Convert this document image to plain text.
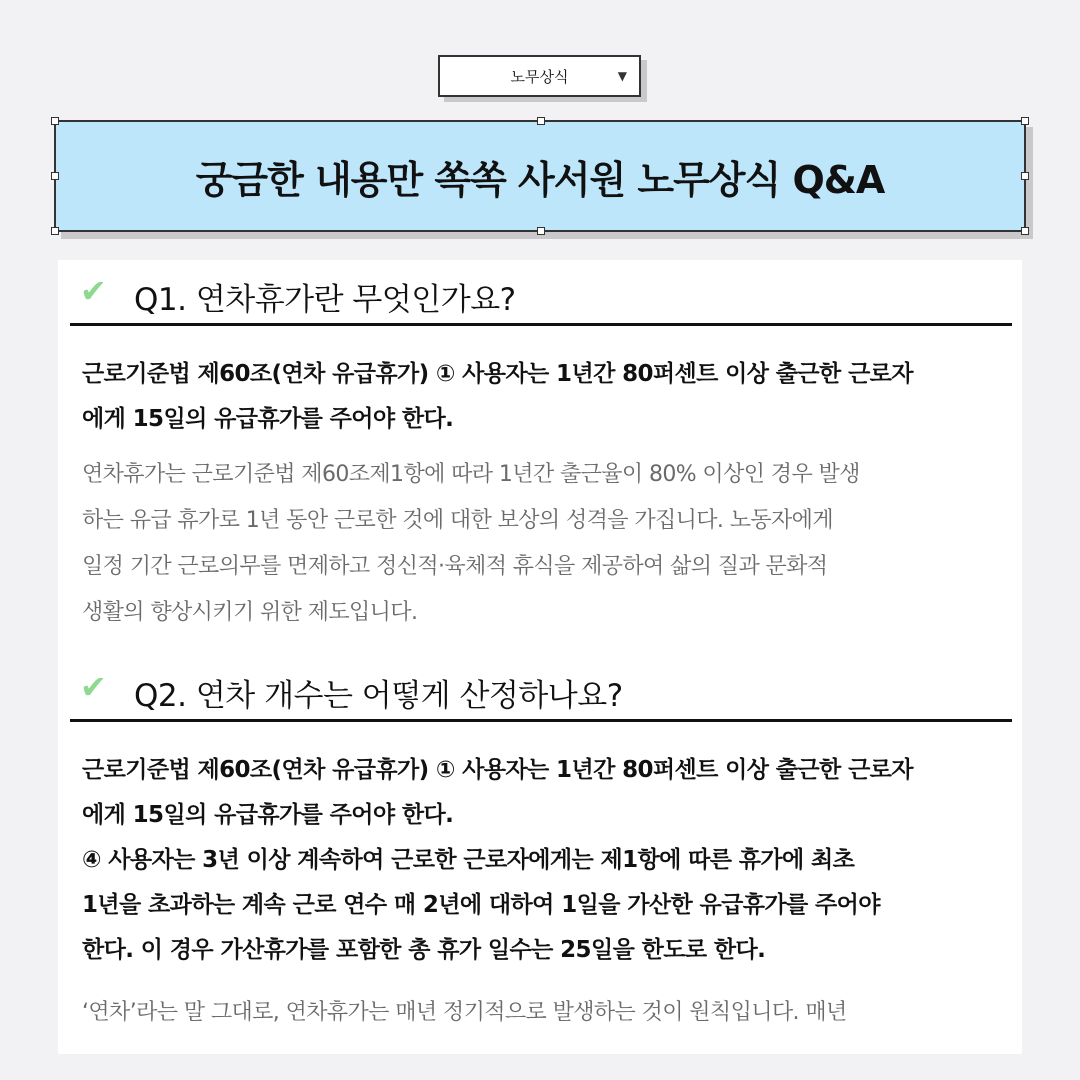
노무상식	▼
궁금한 내용만 쏙쏙 사서원 노무상식 Q&A
✔ Q1. 연차휴가란 무엇인가요?
근로기준법 제60조(연차 유급휴가) ① 사용자는 1년간 80퍼센트 이상 출근한 근로자
에게 15일의 유급휴가를 주어야 한다.
연차휴가는 근로기준법 제60조제1항에 따라 1년간 출근율이 80% 이상인 경우 발생
하는 유급 휴가로 1년 동안 근로한 것에 대한 보상의 성격을 가집니다. 노동자에게
일정 기간 근로의무를 면제하고 정신적·육체적 휴식을 제공하여 삶의 질과 문화적
생활의 향상시키기 위한 제도입니다.
✔ Q2. 연차 개수는 어떻게 산정하나요?
근로기준법 제60조(연차 유급휴가) ① 사용자는 1년간 80퍼센트 이상 출근한 근로자
에게 15일의 유급휴가를 주어야 한다.
④ 사용자는 3년 이상 계속하여 근로한 근로자에게는 제1항에 따른 휴가에 최초
1년을 초과하는 계속 근로 연수 매 2년에 대하여 1일을 가산한 유급휴가를 주어야
한다. 이 경우 가산휴가를 포함한 총 휴가 일수는 25일을 한도로 한다.
‘연차’라는 말 그대로, 연차휴가는 매년 정기적으로 발생하는 것이 원칙입니다. 매년
